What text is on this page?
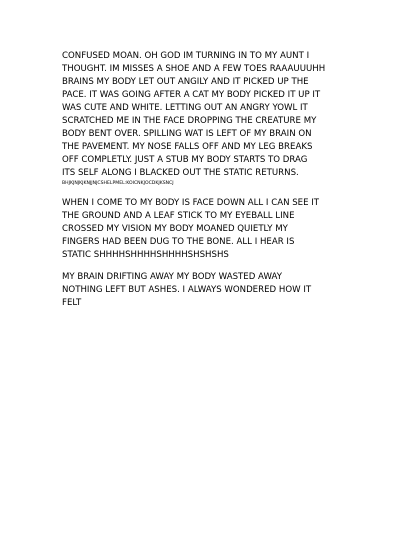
CONFUSED MOAN. OH GOD IM TURNING IN TO MY AUNT I
THOUGHT. IM MISSES A SHOE AND A FEW TOES RAAAUUUHH
BRAINS MY BODY LET OUT ANGILY AND IT PICKED UP THE
PACE. IT WAS GOING AFTER A CAT MY BODY PICKED IT UP IT
WAS CUTE AND WHITE. LETTING OUT AN ANGRY YOWL IT
SCRATCHED ME IN THE FACE DROPPING THE CREATURE MY
BODY BENT OVER. SPILLING WAT IS LEFT OF MY BRAIN ON
THE PAVEMENT. MY NOSE FALLS OFF AND MY LEG BREAKS
OFF COMPLETLY. JUST A STUB MY BODY STARTS TO DRAG
ITS SELF ALONG I BLACKED OUT THE STATIC RETURNS.

BHJKJNJKJKNJJNJCSHELPMEL:KOICNKJOCDKJKSNCJ

WHEN I COME TO MY BODY IS FACE DOWN ALL I CAN SEE IT
THE GROUND AND A LEAF STICK TO MY EYEBALL LINE
CROSSED MY VISION MY BODY MOANED QUIETLY MY
FINGERS HAD BEEN DUG TO THE BONE. ALL I HEAR IS
STATIC SHHHHSHHHHSHHHHSHSHSHS

MY BRAIN DRIFTING AWAY MY BODY WASTED AWAY
NOTHING LEFT BUT ASHES. I ALWAYS WONDERED HOW IT
FELT
